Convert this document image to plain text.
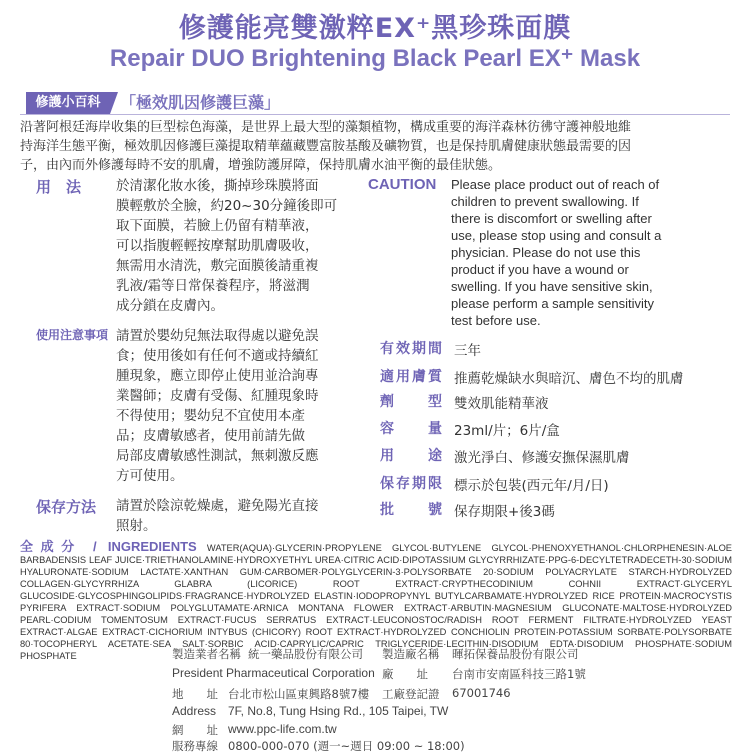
修護能亮雙激粹EX⁺黑珍珠面膜
Repair DUO Brightening Black Pearl EX⁺ Mask
修護小百科	「極效肌因修護巨藻」
沿著阿根廷海岸收集的巨型棕色海藻，是世界上最大型的藻類植物，構成重要的海洋森林彷彿守護神般地維
持海洋生態平衡，極效肌因修護巨藻提取精華蘊藏豐富胺基酸及礦物質，也是保持肌膚健康狀態最需要的因
子，由內而外修護每時不安的肌膚，增強防護屏障，保持肌膚水油平衡的最佳狀態。
用　法	於清潔化妝水後，撕掉珍珠膜將面
膜輕敷於全臉，約20~30分鐘後即可
取下面膜，若臉上仍留有精華液，
可以指腹輕輕按摩幫助肌膚吸收，
無需用水清洗，敷完面膜後請重複
乳液/霜等日常保養程序，將滋潤
成分鎖在皮膚內。
使用注意事項 請置於嬰幼兒無法取得處以避免誤
食；使用後如有任何不適或持續紅
腫現象，應立即停止使用並洽詢專
業醫師；皮膚有受傷、紅腫現象時
不得使用；嬰幼兒不宜使用本產
品；皮膚敏感者，使用前請先做
局部皮膚敏感性測試，無刺激反應
方可使用。
保存方法 請置於陰涼乾燥處，避免陽光直接
照射。
CAUTION Please place product out of reach of
children to prevent swallowing. If
there is discomfort or swelling after
use, please stop using and consult a
physician. Please do not use this
product if you have a wound or
swelling. If you have sensitive skin,
please perform a sample sensitivity
test before use.
有效期間 三年
適用膚質 推薦乾燥缺水與暗沉、膚色不均的肌膚
劑型 雙效肌能精華液
容量 23ml/片；6片/盒
用途 激光淨白、修護安撫保濕肌膚
保存期限 標示於包裝(西元年/月/日)
批號 保存期限+後3碼
全成分 / INGREDIENTS WATER(AQUA)·GLYCERIN·PROPYLENE GLYCOL·BUTYLENE GLYCOL·PHENOXYETHANOL·CHLORPHENESIN·ALOE BARBADENSIS LEAF JUICE·TRIETHANOLAMINE·HYDROXYETHYL UREA·CITRIC ACID·DIPOTASSIUM GLYCYRRHIZATE·PPG-6-DECYLTETRADECETH-30·SODIUM HYALURONATE·SODIUM LACTATE·XANTHAN GUM·CARBOMER·POLYGLYCERIN-3·POLYSORBATE 20·SODIUM POLYACRYLATE STARCH·HYDROLYZED COLLAGEN·GLYCYRRHIZA GLABRA (LICORICE) ROOT EXTRACT·CRYPTHECODINIUM COHNII EXTRACT·GLYCERYL GLUCOSIDE·GLYCOSPHINGOLIPIDS·FRAGRANCE·HYDROLYZED ELASTIN·IODOPROPYNYL BUTYLCARBAMATE·HYDROLYZED RICE PROTEIN·MACROCYSTIS PYRIFERA EXTRACT·SODIUM POLYGLUTAMATE·ARNICA MONTANA FLOWER EXTRACT·ARBUTIN·MAGNESIUM GLUCONATE·MALTOSE·HYDROLYZED PEARL·CODIUM TOMENTOSUM EXTRACT·FUCUS SERRATUS EXTRACT·LEUCONOSTOC/RADISH ROOT FERMENT FILTRATE·HYDROLYZED YEAST EXTRACT·ALGAE EXTRACT·CICHORIUM INTYBUS (CHICORY) ROOT EXTRACT·HYDROLYZED CONCHIOLIN PROTEIN·POTASSIUM SORBATE·POLYSORBATE 80·TOCOPHERYL ACETATE·SEA SALT·SORBIC ACID·CAPRYLIC/CAPRIC TRIGLYCERIDE·LECITHIN·DISODIUM EDTA·DISODIUM PHOSPHATE·SODIUM PHOSPHATE	製造業者名稱 統一藥品股份有限公司 製造廠名稱 暉拓保養品股份有限公司
President Pharmaceutical Corporation 廠　　址 台南市安南區科技三路1號
地　　址 台北市松山區東興路8號7樓 工廠登記證 67001746
Address 7F, No.8, Tung Hsing Rd., 105 Taipei, TW
網　　址 www.ppc-life.com.tw
服務專線 0800-000-070 (週一~週日 09:00 ~ 18:00)
